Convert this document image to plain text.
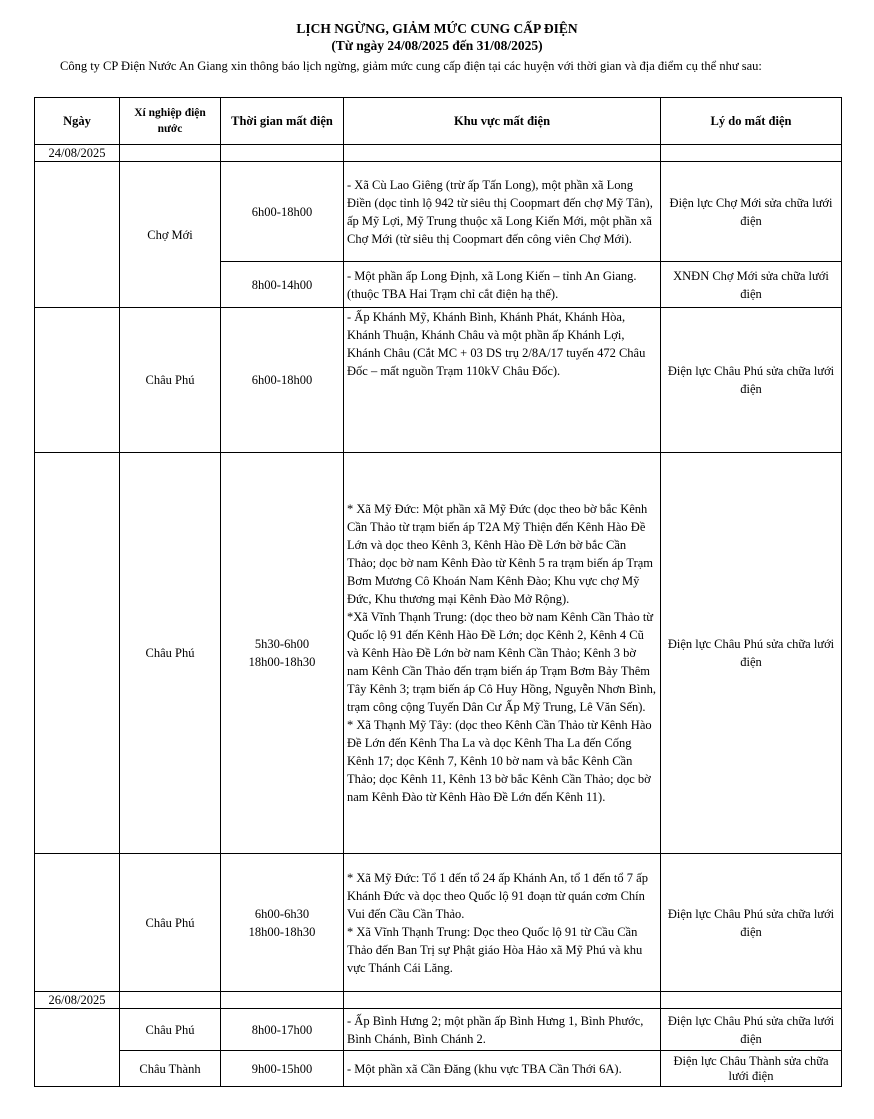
LỊCH NGỪNG, GIẢM MỨC CUNG CẤP ĐIỆN
(Từ ngày 24/08/2025 đến 31/08/2025)
Công ty CP Điện Nước An Giang xin thông báo lịch ngừng, giảm mức cung cấp điện tại các huyện với thời gian và địa điểm cụ thể như sau:
Ngày	Xí nghiệp điện nước	Thời gian mất điện	Khu vực mất điện	Lý do mất điện
24/08/2025				
	Chợ Mới	6h00-18h00	- Xã Cù Lao Giêng (trừ ấp Tấn Long), một phần xã Long Điền (dọc tỉnh lộ 942 từ siêu thị Coopmart đến chợ Mỹ Tân), ấp Mỹ Lợi, Mỹ Trung thuộc xã Long Kiến Mới, một phần xã Chợ Mới (từ siêu thị Coopmart đến công viên Chợ Mới).	Điện lực Chợ Mới sửa chữa lưới điện
		8h00-14h00	- Một phần ấp Long Định, xã Long Kiến – tỉnh An Giang. (thuộc TBA Hai Trạm chỉ cắt điện hạ thế).	XNĐN Chợ Mới sửa chữa lưới điện
	Châu Phú	6h00-18h00	- Ấp Khánh Mỹ, Khánh Bình, Khánh Phát, Khánh Hòa, Khánh Thuận, Khánh Châu và một phần ấp Khánh Lợi, Khánh Châu (Cắt MC + 03 DS trụ 2/8A/17 tuyến 472 Châu Đốc – mất nguồn Trạm 110kV Châu Đốc).	Điện lực Châu Phú sửa chữa lưới điện
	Châu Phú	5h30-6h00
18h00-18h30	* Xã Mỹ Đức: Một phần xã Mỹ Đức (dọc theo bờ bắc Kênh Cần Thảo từ trạm biến áp T2A Mỹ Thiện đến Kênh Hào Đề Lớn và dọc theo Kênh 3, Kênh Hào Đề Lớn bờ bắc Cần Thảo; dọc bờ nam Kênh Đào từ Kênh 5 ra trạm biến áp Trạm Bơm Mương Cô Khoán Nam Kênh Đào; Khu vực chợ Mỹ Đức, Khu thương mại Kênh Đào Mở Rộng).
*Xã Vĩnh Thạnh Trung: (dọc theo bờ nam Kênh Cần Thảo từ Quốc lộ 91 đến Kênh Hào Đề Lớn; dọc Kênh 2, Kênh 4 Cũ và Kênh Hào Đề Lớn bờ nam Kênh Cần Thảo; Kênh 3 bờ nam Kênh Cần Thảo đến trạm biến áp Trạm Bơm Bảy Thêm Tây Kênh 3; trạm biến áp Cô Huy Hồng, Nguyễn Nhơn Bình, trạm công cộng Tuyến Dân Cư Ấp Mỹ Trung, Lê Văn Sến).
* Xã Thạnh Mỹ Tây: (dọc theo Kênh Cần Thảo từ Kênh Hào Đề Lớn đến Kênh Tha La và dọc Kênh Tha La đến Cống Kênh 17; dọc Kênh 7, Kênh 10 bờ nam và bắc Kênh Cần Thảo; dọc Kênh 11, Kênh 13 bờ bắc Kênh Cần Thảo; dọc bờ nam Kênh Đào từ Kênh Hào Đề Lớn đến Kênh 11).	Điện lực Châu Phú sửa chữa lưới điện
	Châu Phú	6h00-6h30
18h00-18h30	* Xã Mỹ Đức: Tổ 1 đến tổ 24 ấp Khánh An, tổ 1 đến tổ 7 ấp Khánh Đức và dọc theo Quốc lộ 91 đoạn từ quán cơm Chín Vui đến Cầu Cần Thảo.
* Xã Vĩnh Thạnh Trung: Dọc theo Quốc lộ 91 từ Cầu Cần Thảo đến Ban Trị sự Phật giáo Hòa Hảo xã Mỹ Phú và khu vực Thánh Cái Lăng.	Điện lực Châu Phú sửa chữa lưới điện
26/08/2025				
	Châu Phú	8h00-17h00	- Ấp Bình Hưng 2; một phần ấp Bình Hưng 1, Bình Phước, Bình Chánh, Bình Chánh 2.	Điện lực Châu Phú sửa chữa lưới điện
	Châu Thành	9h00-15h00	- Một phần xã Cần Đăng (khu vực TBA Cần Thới 6A).	Điện lực Châu Thành sửa chữa lưới điện
